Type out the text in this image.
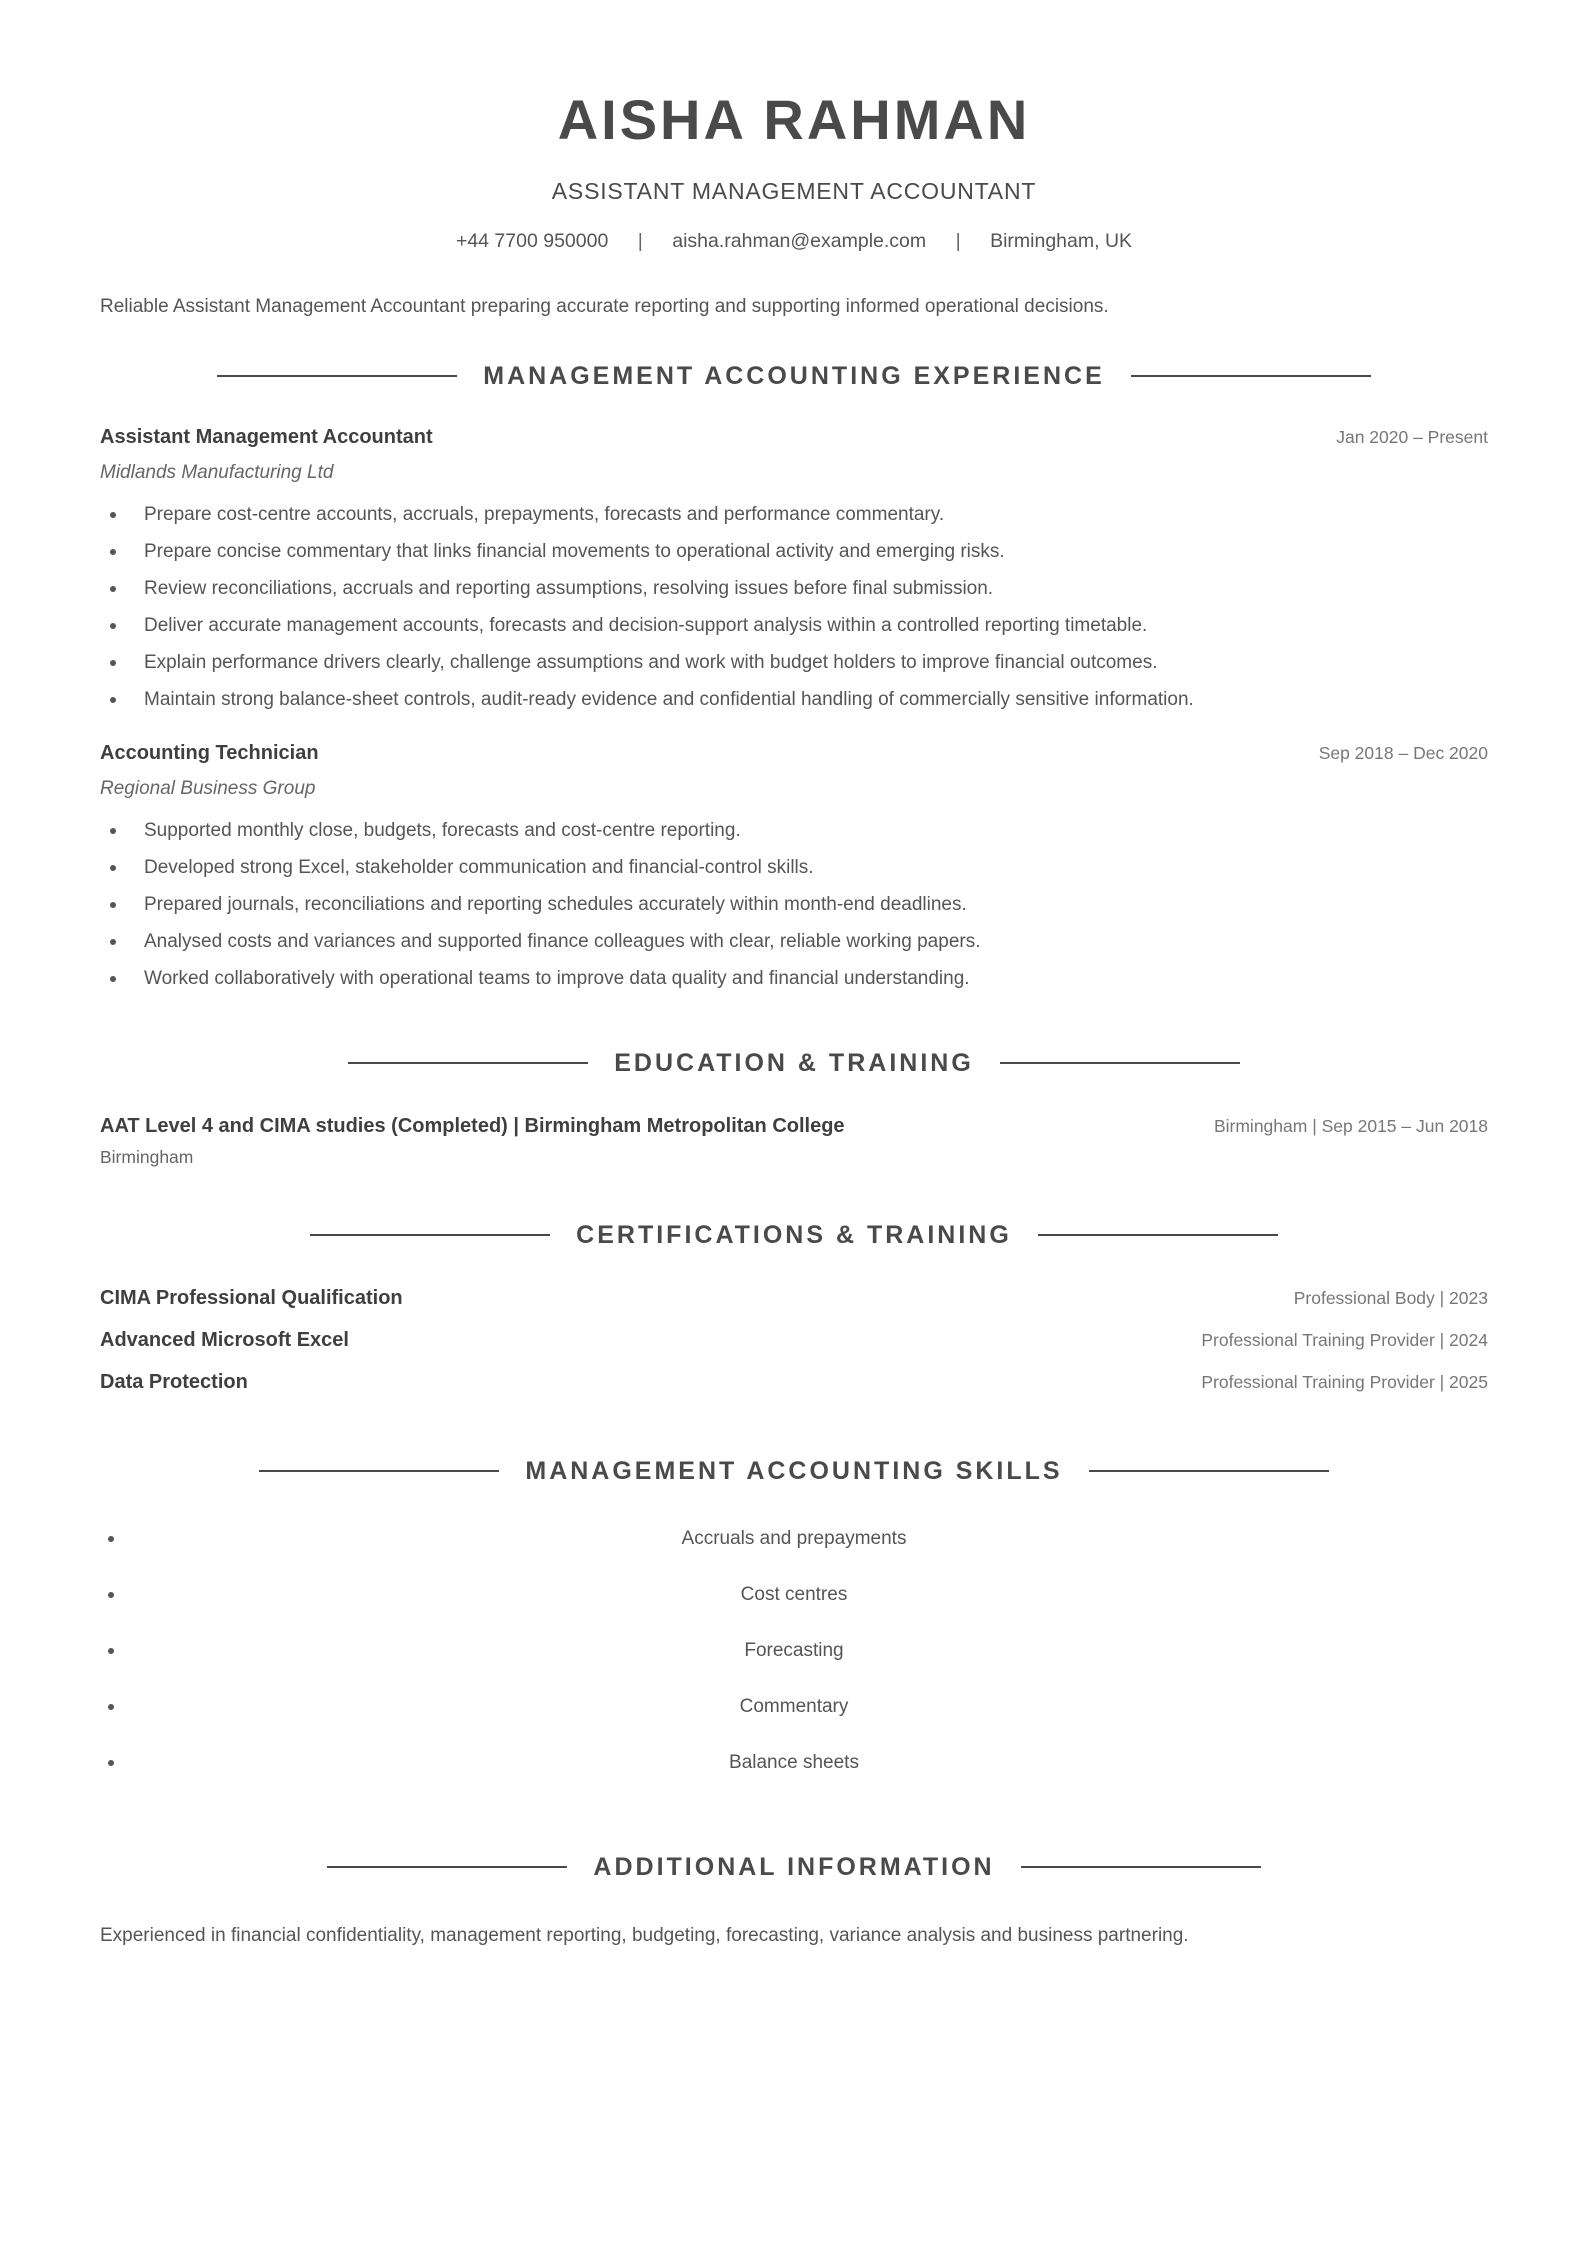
AISHA RAHMAN
ASSISTANT MANAGEMENT ACCOUNTANT
+44 7700 950000 | aisha.rahman@example.com | Birmingham, UK
Reliable Assistant Management Accountant preparing accurate reporting and supporting informed operational decisions.
MANAGEMENT ACCOUNTING EXPERIENCE
Assistant Management Accountant	Jan 2020 – Present
Midlands Manufacturing Ltd
Prepare cost-centre accounts, accruals, prepayments, forecasts and performance commentary.
Prepare concise commentary that links financial movements to operational activity and emerging risks.
Review reconciliations, accruals and reporting assumptions, resolving issues before final submission.
Deliver accurate management accounts, forecasts and decision-support analysis within a controlled reporting timetable.
Explain performance drivers clearly, challenge assumptions and work with budget holders to improve financial outcomes.
Maintain strong balance-sheet controls, audit-ready evidence and confidential handling of commercially sensitive information.
Accounting Technician	Sep 2018 – Dec 2020
Regional Business Group
Supported monthly close, budgets, forecasts and cost-centre reporting.
Developed strong Excel, stakeholder communication and financial-control skills.
Prepared journals, reconciliations and reporting schedules accurately within month-end deadlines.
Analysed costs and variances and supported finance colleagues with clear, reliable working papers.
Worked collaboratively with operational teams to improve data quality and financial understanding.
EDUCATION & TRAINING
AAT Level 4 and CIMA studies (Completed) | Birmingham Metropolitan College	Birmingham | Sep 2015 – Jun 2018
Birmingham
CERTIFICATIONS & TRAINING
CIMA Professional Qualification	Professional Body | 2023
Advanced Microsoft Excel	Professional Training Provider | 2024
Data Protection	Professional Training Provider | 2025
MANAGEMENT ACCOUNTING SKILLS
Accruals and prepayments
Cost centres
Forecasting
Commentary
Balance sheets
ADDITIONAL INFORMATION
Experienced in financial confidentiality, management reporting, budgeting, forecasting, variance analysis and business partnering.
